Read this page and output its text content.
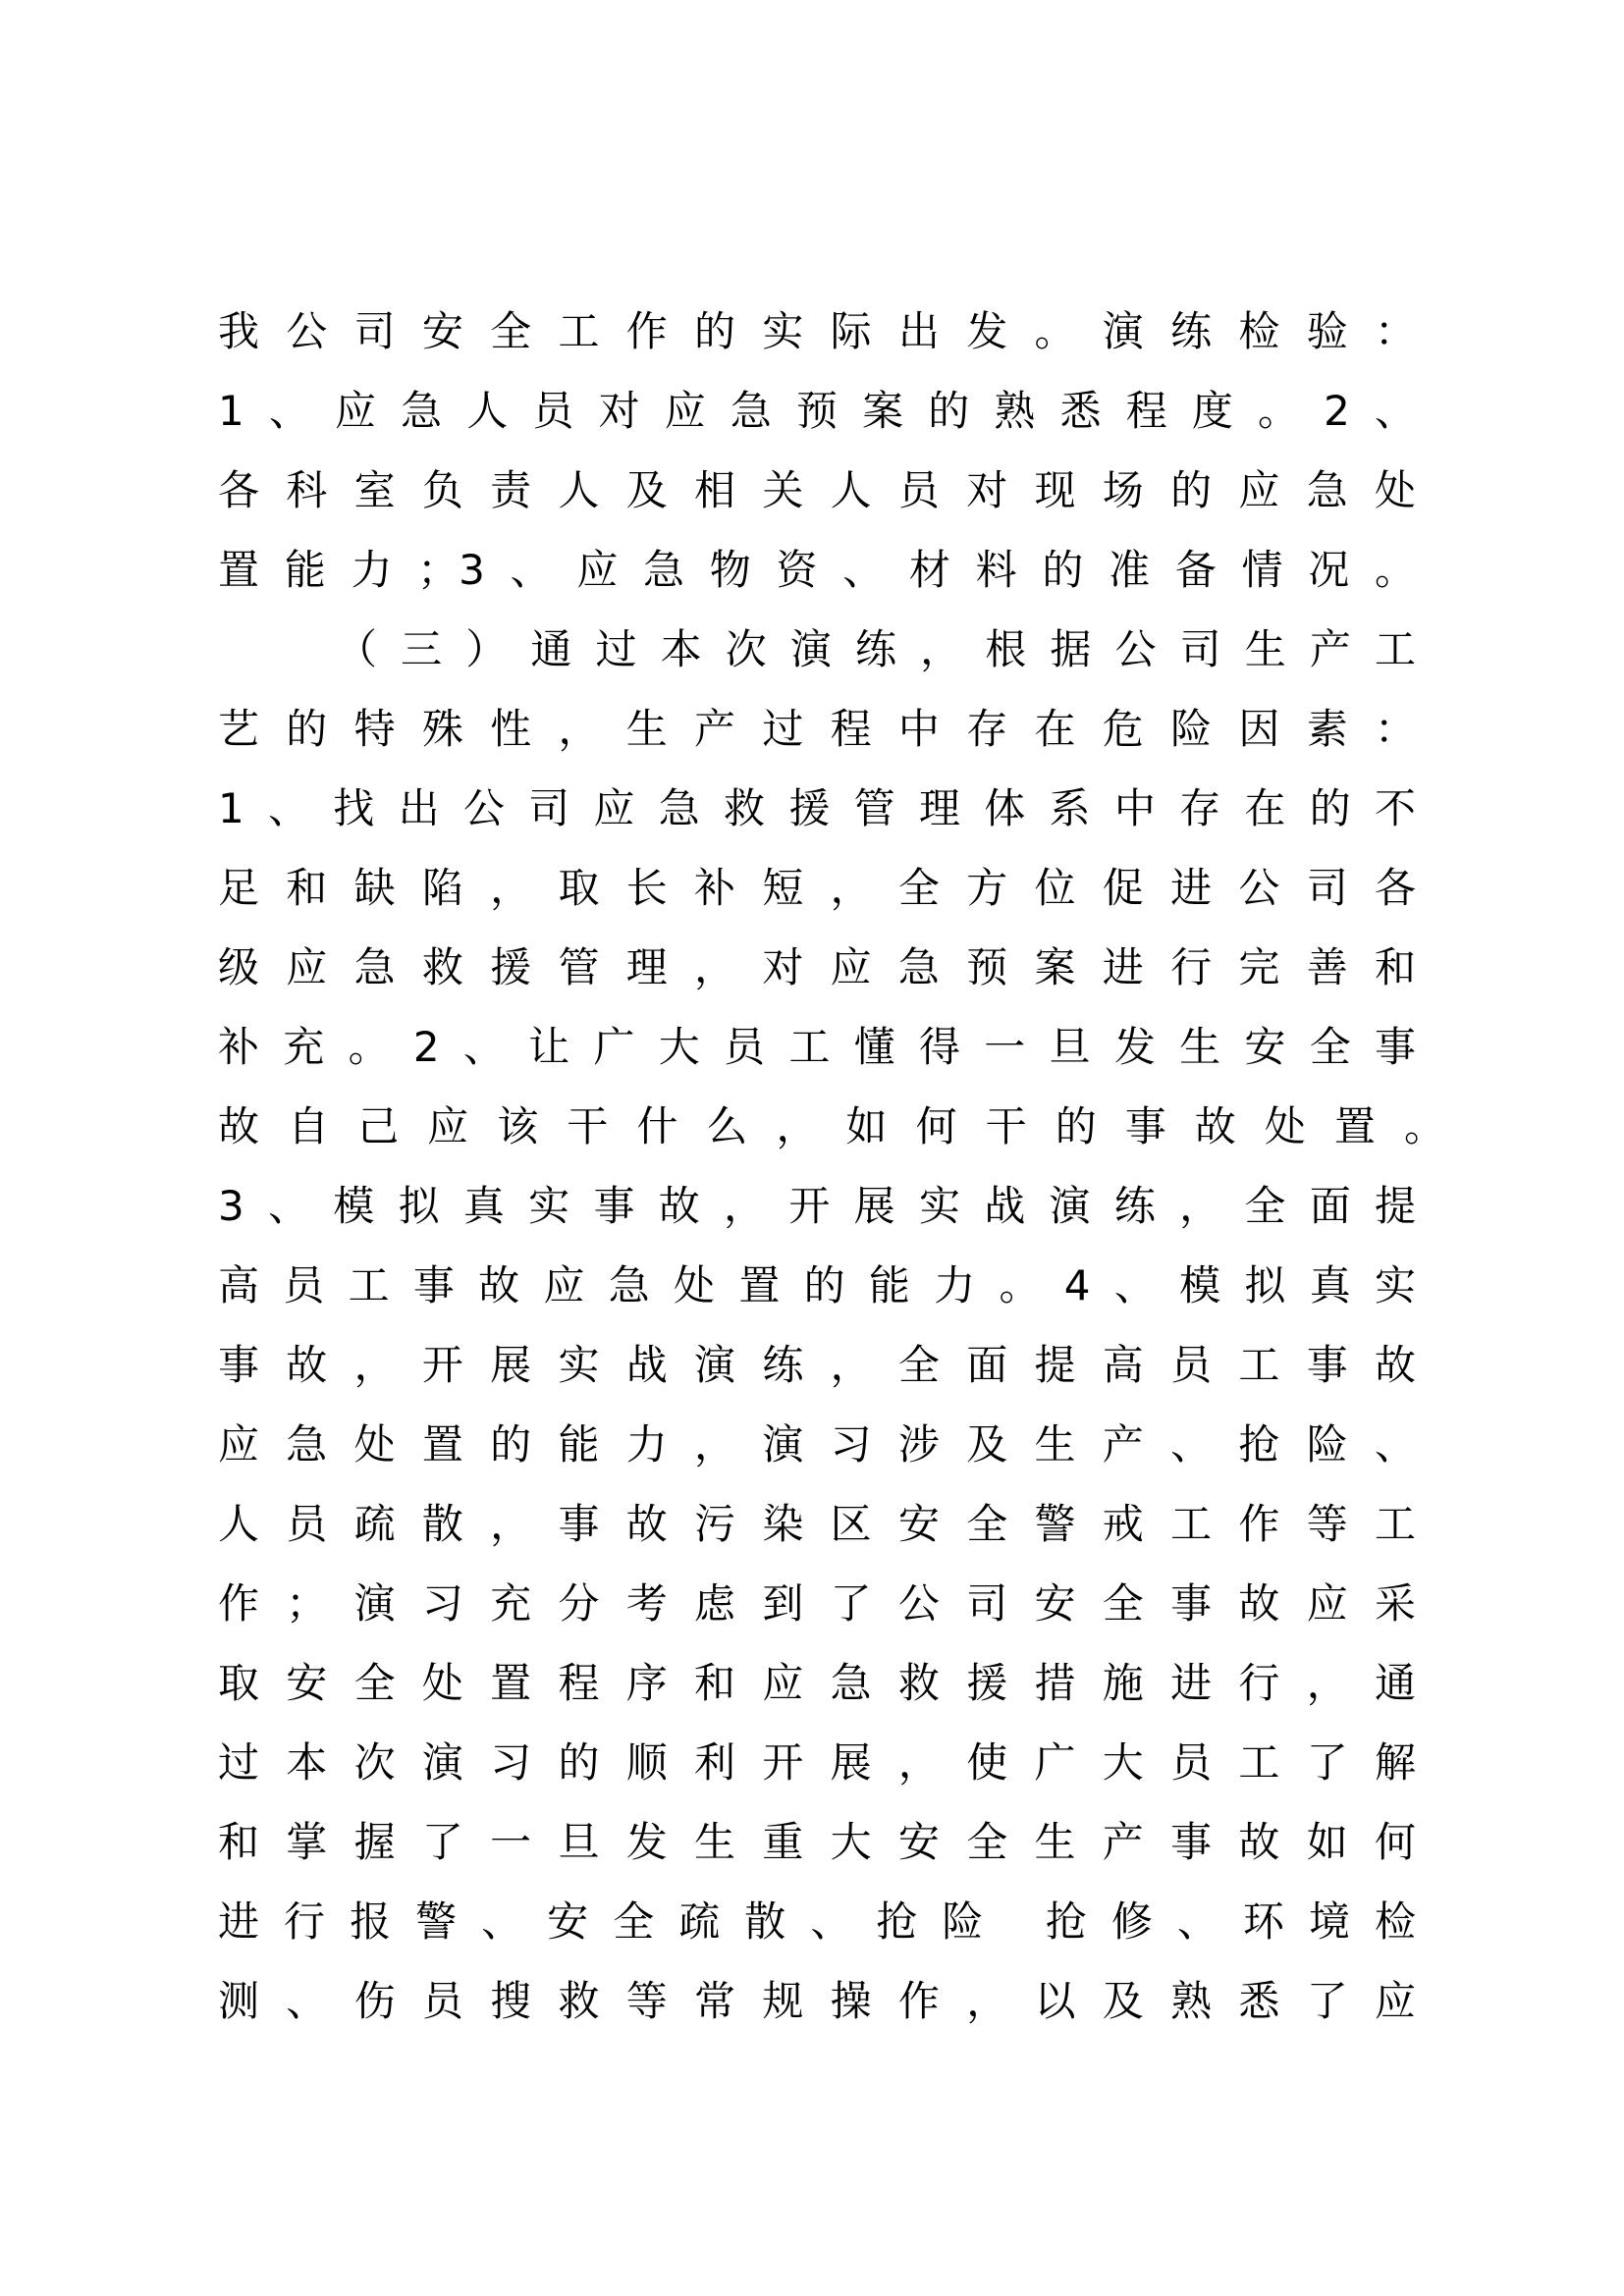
我公司安全工作的实际出发。演练检验：
1、应急人员对应急预案的熟悉程度。2、
各科室负责人及相关人员对现场的应急处
置能力；3、应急物资、材料的准备情况。
（三）通过本次演练，根据公司生产工
艺的特殊性，生产过程中存在危险因素：
1、找出公司应急救援管理体系中存在的不
足和缺陷，取长补短，全方位促进公司各
级应急救援管理，对应急预案进行完善和
补充。2、让广大员工懂得一旦发生安全事
故自己应该干什么，如何干的事故处置。
3、模拟真实事故，开展实战演练，全面提
高员工事故应急处置的能力。4、模拟真实
事故，开展实战演练，全面提高员工事故
应急处置的能力，演习涉及生产、抢险、
人员疏散，事故污染区安全警戒工作等工
作；演习充分考虑到了公司安全事故应采
取安全处置程序和应急救援措施进行，通
过本次演习的顺利开展，使广大员工了解
和掌握了一旦发生重大安全生产事故如何
进行报警、安全疏散、抢险 抢修、环境检
测、伤员搜救等常规操作，以及熟悉了应
